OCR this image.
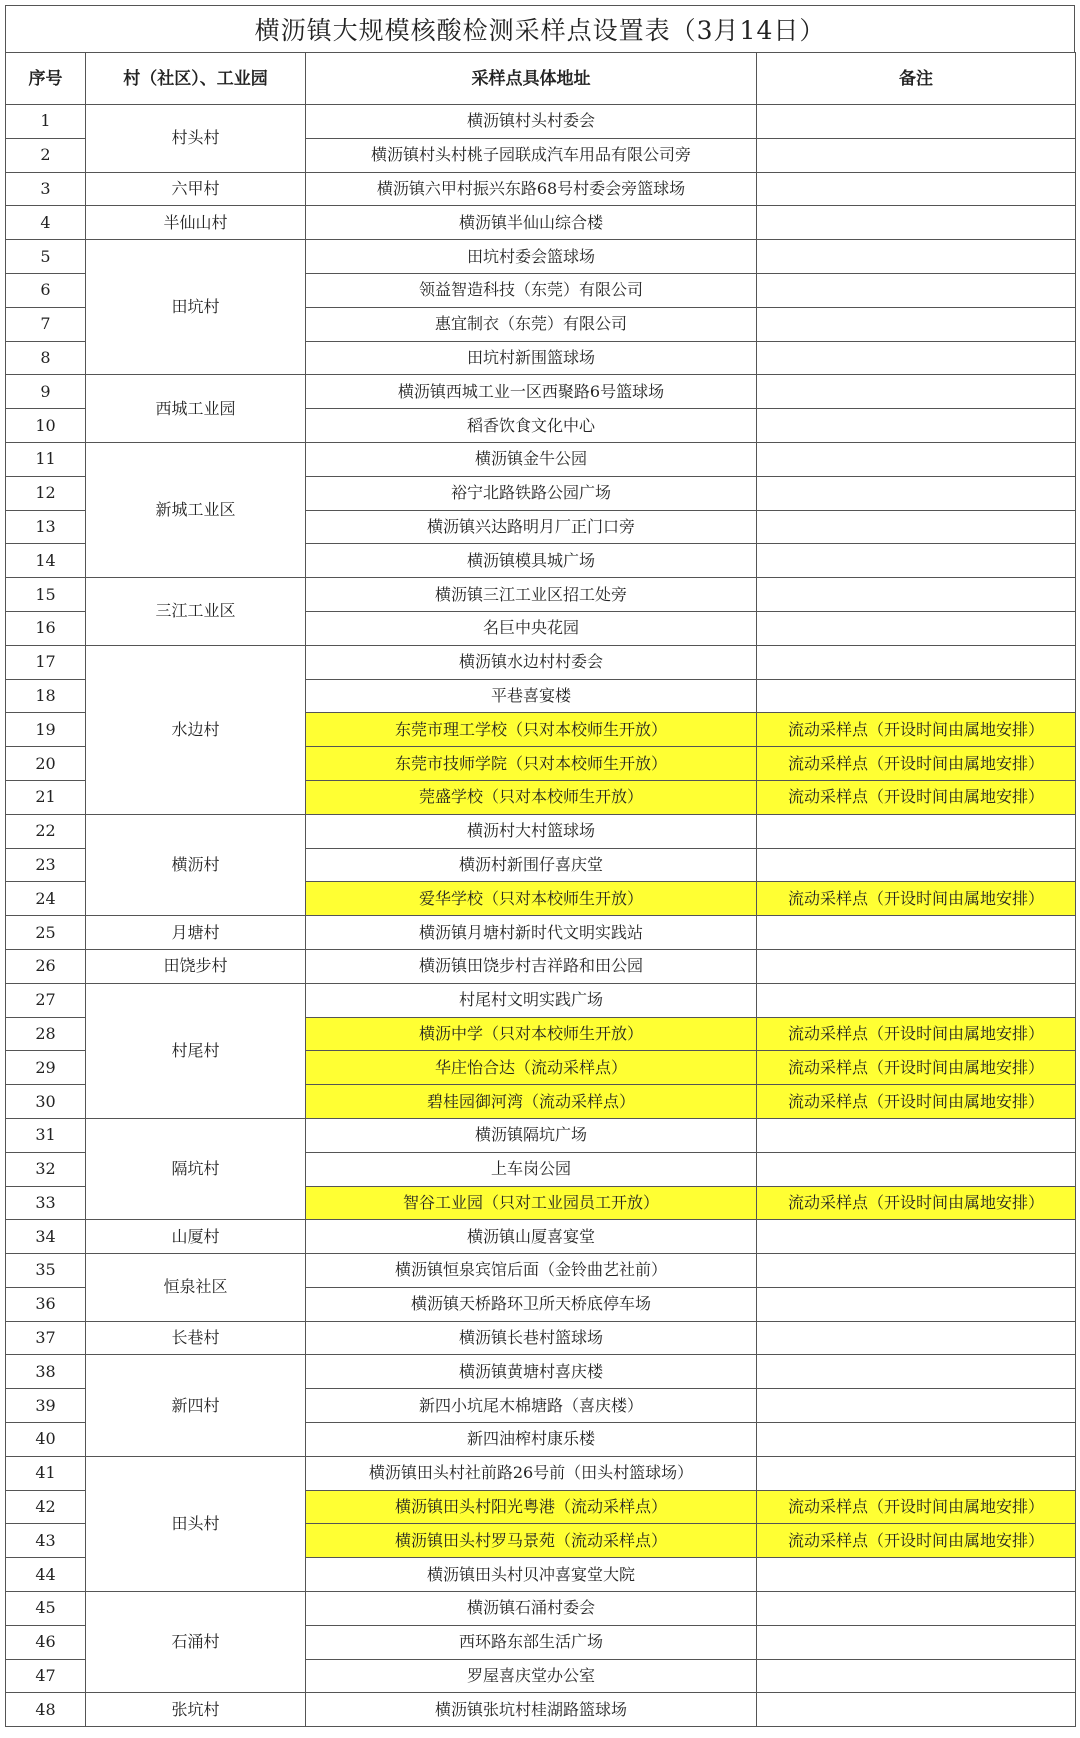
横沥镇大规模核酸检测采样点设置表（3月14日）
序号	村（社区）、工业园	采样点具体地址	备注
1	村头村	横沥镇村头村委会	
2		横沥镇村头村桃子园联成汽车用品有限公司旁	
3	六甲村	横沥镇六甲村振兴东路68号村委会旁篮球场	
4	半仙山村	横沥镇半仙山综合楼	
5	田坑村	田坑村委会篮球场	
6		领益智造科技（东莞）有限公司	
7		惠宜制衣（东莞）有限公司	
8		田坑村新围篮球场	
9	西城工业园	横沥镇西城工业一区西聚路6号篮球场	
10		稻香饮食文化中心	
11	新城工业区	横沥镇金牛公园	
12		裕宁北路铁路公园广场	
13		横沥镇兴达路明月厂正门口旁	
14		横沥镇模具城广场	
15	三江工业区	横沥镇三江工业区招工处旁	
16		名巨中央花园	
17	水边村	横沥镇水边村村委会	
18		平巷喜宴楼	
19		东莞市理工学校（只对本校师生开放）	流动采样点（开设时间由属地安排）
20		东莞市技师学院（只对本校师生开放）	流动采样点（开设时间由属地安排）
21		莞盛学校（只对本校师生开放）	流动采样点（开设时间由属地安排）
22	横沥村	横沥村大村篮球场	
23		横沥村新围仔喜庆堂	
24		爱华学校（只对本校师生开放）	流动采样点（开设时间由属地安排）
25	月塘村	横沥镇月塘村新时代文明实践站	
26	田饶步村	横沥镇田饶步村吉祥路和田公园	
27	村尾村	村尾村文明实践广场	
28		横沥中学（只对本校师生开放）	流动采样点（开设时间由属地安排）
29		华庄怡合达（流动采样点）	流动采样点（开设时间由属地安排）
30		碧桂园御河湾（流动采样点）	流动采样点（开设时间由属地安排）
31	隔坑村	横沥镇隔坑广场	
32		上车岗公园	
33		智谷工业园（只对工业园员工开放）	流动采样点（开设时间由属地安排）
34	山厦村	横沥镇山厦喜宴堂	
35	恒泉社区	横沥镇恒泉宾馆后面（金铃曲艺社前）	
36		横沥镇天桥路环卫所天桥底停车场	
37	长巷村	横沥镇长巷村篮球场	
38	新四村	横沥镇黄塘村喜庆楼	
39		新四小坑尾木棉塘路（喜庆楼）	
40		新四油榨村康乐楼	
41	田头村	横沥镇田头村社前路26号前（田头村篮球场）	
42		横沥镇田头村阳光粤港（流动采样点）	流动采样点（开设时间由属地安排）
43		横沥镇田头村罗马景苑（流动采样点）	流动采样点（开设时间由属地安排）
44		横沥镇田头村贝冲喜宴堂大院	
45	石涌村	横沥镇石涌村委会	
46		西环路东部生活广场	
47		罗屋喜庆堂办公室	
48	张坑村	横沥镇张坑村桂湖路篮球场	
